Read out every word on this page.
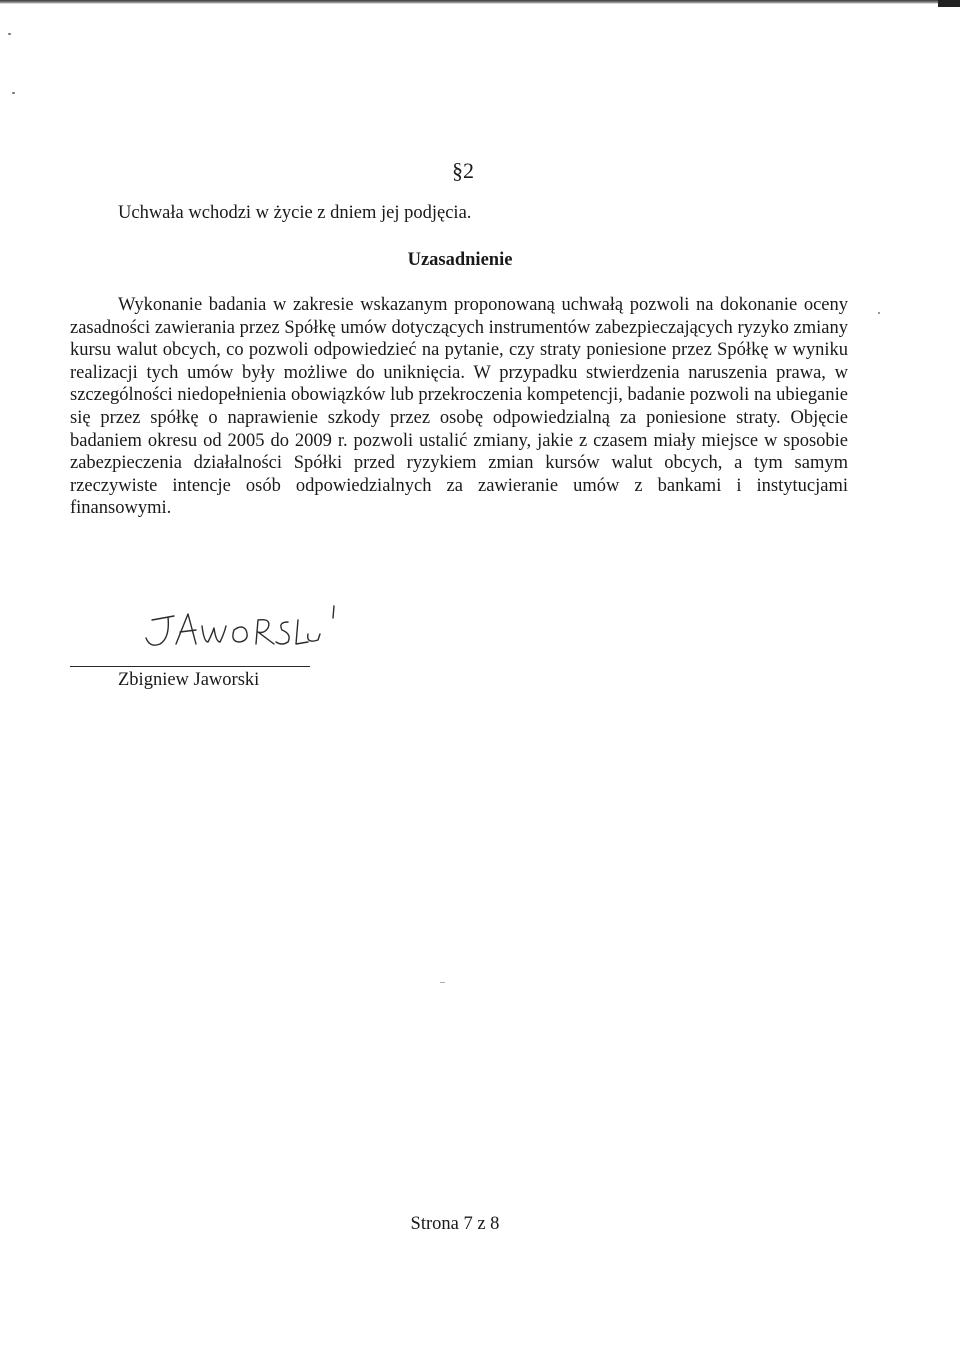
§2
Uchwała wchodzi w życie z dniem jej podjęcia.
Uzasadnienie

Wykonanie badania w zakresie wskazanym proponowaną uchwałą pozwoli na dokonanie oceny zasadności zawierania przez Spółkę umów dotyczących instrumentów zabezpieczających ryzyko zmiany kursu walut obcych, co pozwoli odpowiedzieć na pytanie, czy straty poniesione przez Spółkę w wyniku realizacji tych umów były możliwe do uniknięcia. W przypadku stwierdzenia naruszenia prawa, w szczególności niedopełnienia obowiązków lub przekroczenia kompetencji, badanie pozwoli na ubieganie się przez spółkę o naprawienie szkody przez osobę odpowiedzialną za poniesione straty. Objęcie badaniem okresu od 2005 do 2009 r. pozwoli ustalić zmiany, jakie z czasem miały miejsce w sposobie zabezpieczenia działalności Spółki przed ryzykiem zmian kursów walut obcych, a tym samym rzeczywiste intencje osób odpowiedzialnych za zawieranie umów z bankami i instytucjami finansowymi.

Zbigniew Jaworski
Strona 7 z 8
